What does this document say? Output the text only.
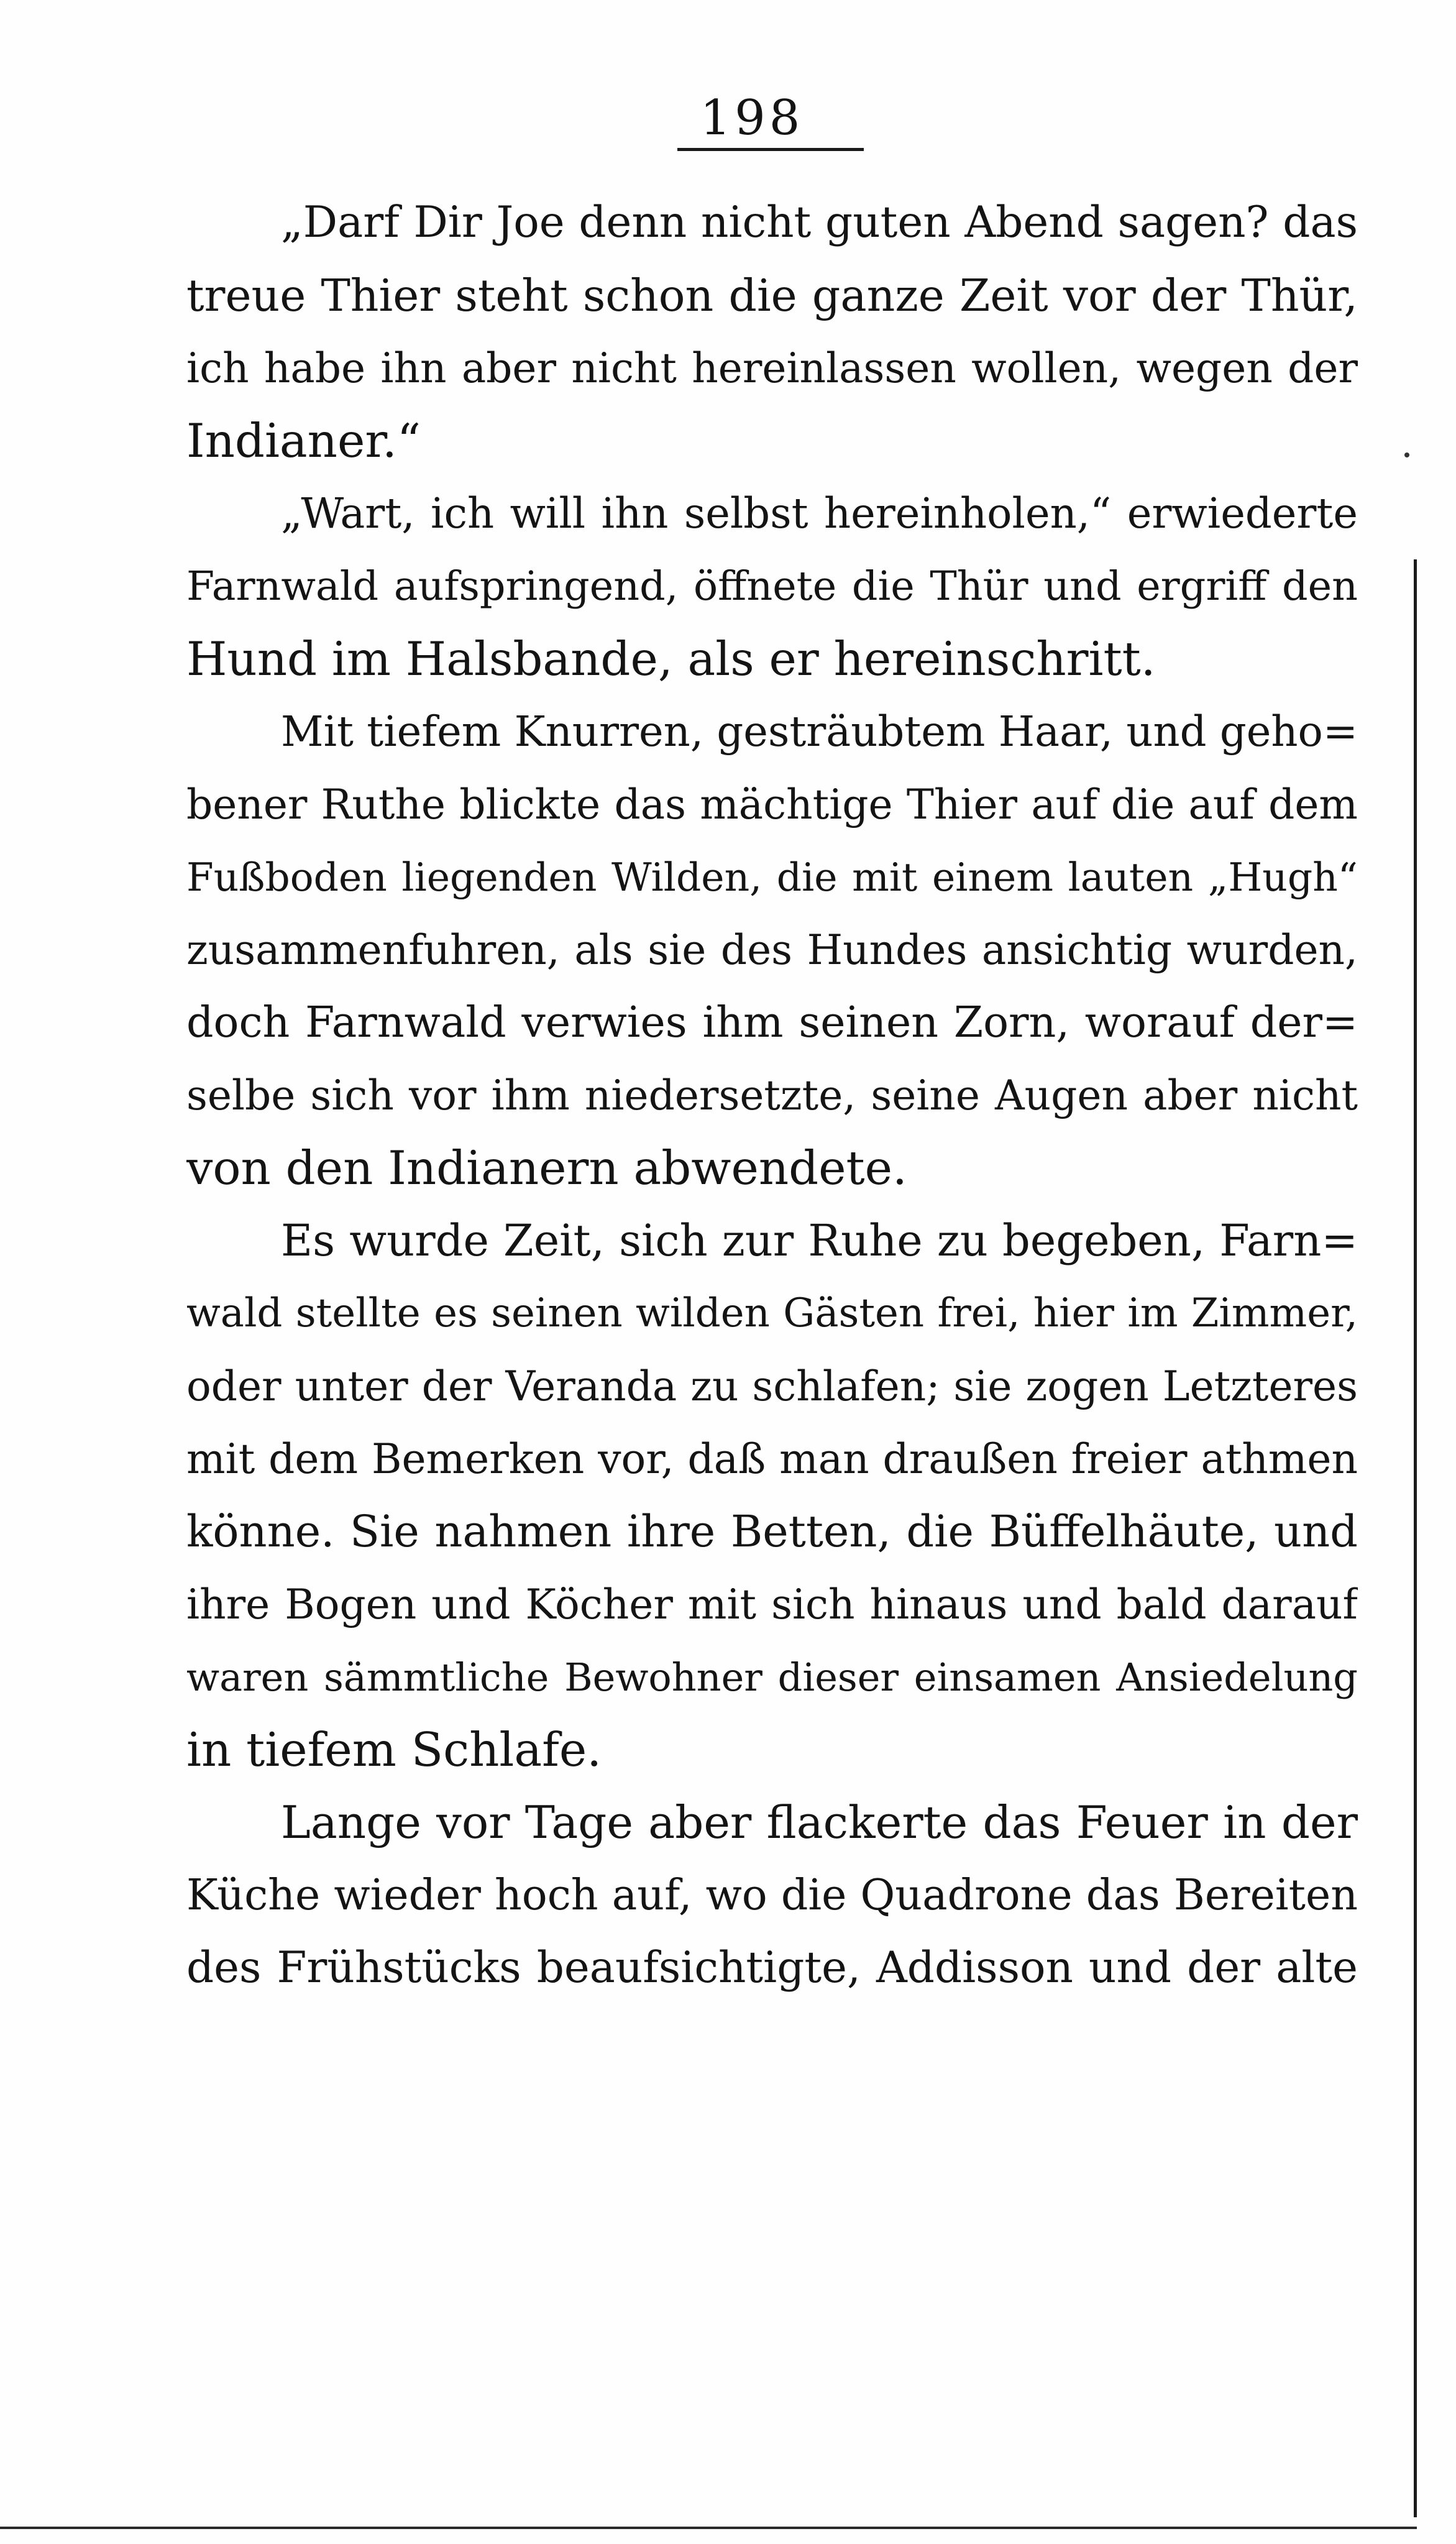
198
„Darf Dir Joe denn nicht guten Abend sagen? das
treue Thier steht schon die ganze Zeit vor der Thür,
ich habe ihn aber nicht hereinlassen wollen, wegen der
Indianer.“
„Wart, ich will ihn selbst hereinholen,“ erwiederte
Farnwald aufspringend, öffnete die Thür und ergriff den
Hund im Halsbande, als er hereinschritt.
Mit tiefem Knurren, gesträubtem Haar, und geho=
bener Ruthe blickte das mächtige Thier auf die auf dem
Fußboden liegenden Wilden, die mit einem lauten „Hugh“
zusammenfuhren, als sie des Hundes ansichtig wurden,
doch Farnwald verwies ihm seinen Zorn, worauf der=
selbe sich vor ihm niedersetzte, seine Augen aber nicht
von den Indianern abwendete.
Es wurde Zeit, sich zur Ruhe zu begeben, Farn=
wald stellte es seinen wilden Gästen frei, hier im Zimmer,
oder unter der Veranda zu schlafen; sie zogen Letzteres
mit dem Bemerken vor, daß man draußen freier athmen
könne. Sie nahmen ihre Betten, die Büffelhäute, und
ihre Bogen und Köcher mit sich hinaus und bald darauf
waren sämmtliche Bewohner dieser einsamen Ansiedelung
in tiefem Schlafe.
Lange vor Tage aber flackerte das Feuer in der
Küche wieder hoch auf, wo die Quadrone das Bereiten
des Frühstücks beaufsichtigte, Addisson und der alte
